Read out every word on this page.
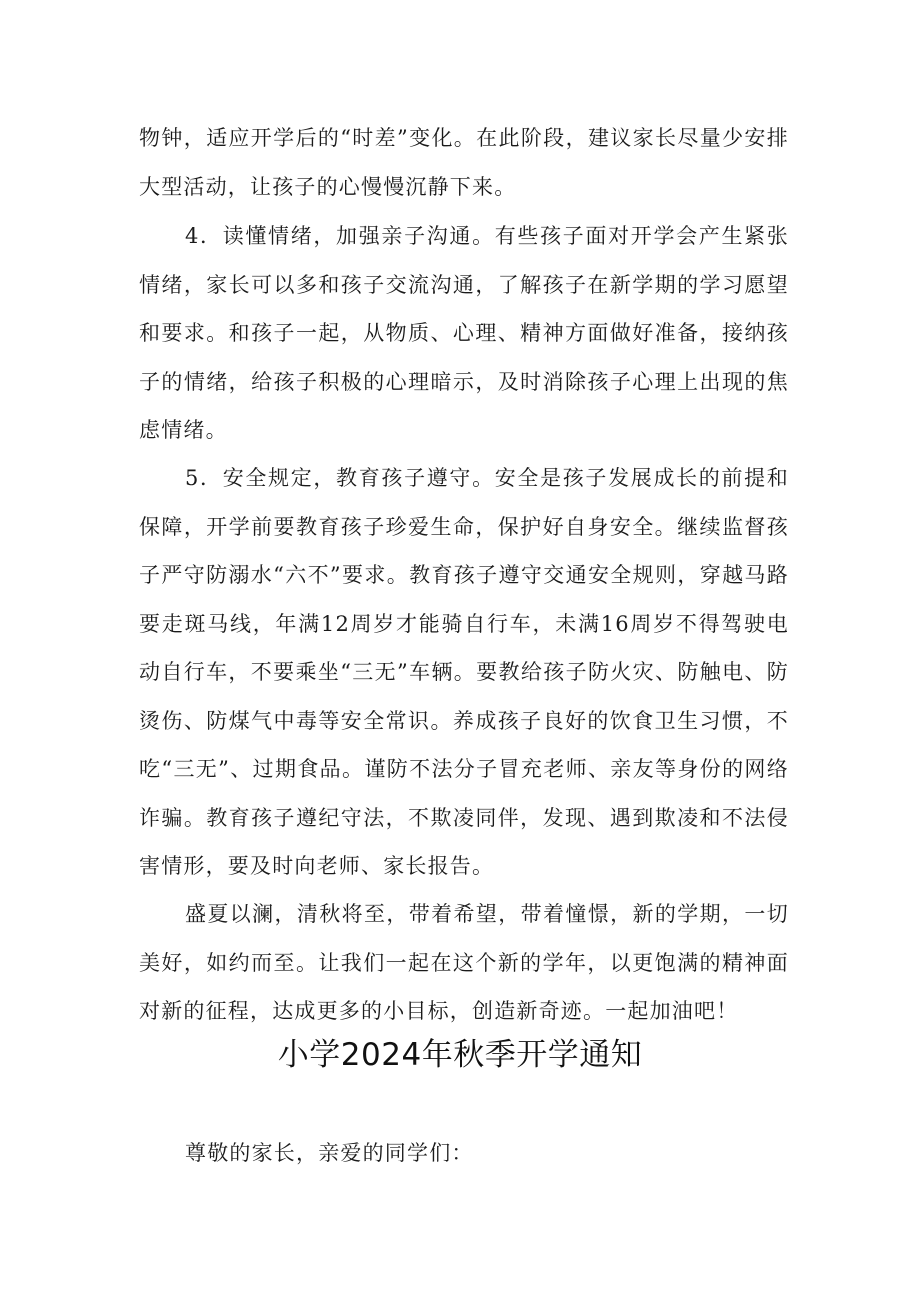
物钟，适应开学后的“时差”变化。在此阶段，建议家长尽量少安排大型活动，让孩子的心慢慢沉静下来。

4．读懂情绪，加强亲子沟通。有些孩子面对开学会产生紧张情绪，家长可以多和孩子交流沟通，了解孩子在新学期的学习愿望和要求。和孩子一起，从物质、心理、精神方面做好准备，接纳孩子的情绪，给孩子积极的心理暗示，及时消除孩子心理上出现的焦虑情绪。

5．安全规定，教育孩子遵守。安全是孩子发展成长的前提和保障，开学前要教育孩子珍爱生命，保护好自身安全。继续监督孩子严守防溺水“六不”要求。教育孩子遵守交通安全规则，穿越马路要走斑马线，年满12周岁才能骑自行车，未满16周岁不得驾驶电动自行车，不要乘坐“三无”车辆。要教给孩子防火灾、防触电、防烫伤、防煤气中毒等安全常识。养成孩子良好的饮食卫生习惯，不吃“三无”、过期食品。谨防不法分子冒充老师、亲友等身份的网络诈骗。教育孩子遵纪守法，不欺凌同伴，发现、遇到欺凌和不法侵害情形，要及时向老师、家长报告。

盛夏以澜，清秋将至，带着希望，带着憧憬，新的学期，一切美好，如约而至。让我们一起在这个新的学年，以更饱满的精神面对新的征程，达成更多的小目标，创造新奇迹。一起加油吧！

小学2024年秋季开学通知

尊敬的家长，亲爱的同学们：
